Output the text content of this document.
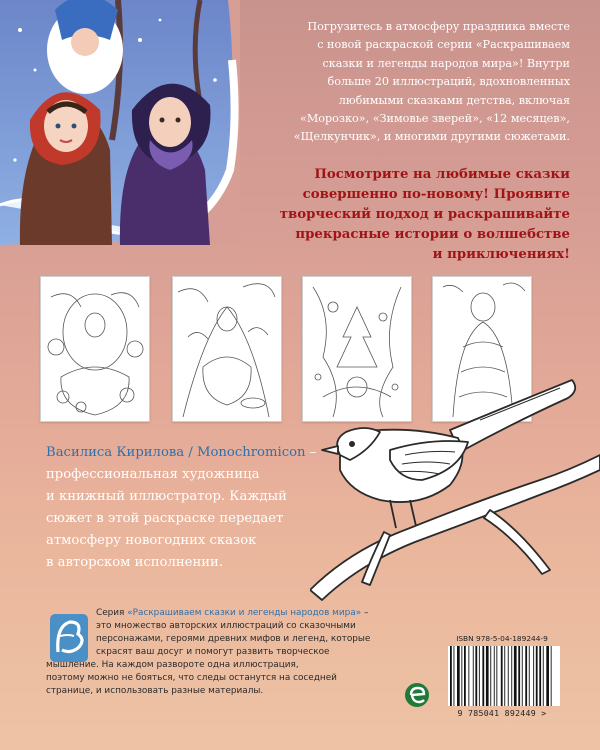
Погрузитесь в атмосферу праздника вместе
с новой раскраской серии «Раскрашиваем
сказки и легенды народов мира»! Внутри
больше 20 иллюстраций, вдохновленных
любимыми сказками детства, включая
«Морозко», «Зимовье зверей», «12 месяцев»,
«Щелкунчик», и многими другими сюжетами.
Посмотрите на любимые сказки
совершенно по-новому! Проявите
творческий подход и раскрашивайте
прекрасные истории о волшебстве
и приключениях!
Василиса Кирилова / Monochromicon –
профессиональная художница
и книжный иллюстратор. Каждый
сюжет в этой раскраске передает
атмосферу новогодних сказок
в авторском исполнении.
Серия «Раскрашиваем сказки и легенды народов мира» –
это множество авторских иллюстраций со сказочными
персонажами, героями древних мифов и легенд, которые
скрасят ваш досуг и помогут развить творческое
мышление. На каждом развороте одна иллюстрация,
поэтому можно не бояться, что следы останутся на соседней
странице, и использовать разные материалы.
ISBN 978-5-04-189244-9
9 785041 892449 >
